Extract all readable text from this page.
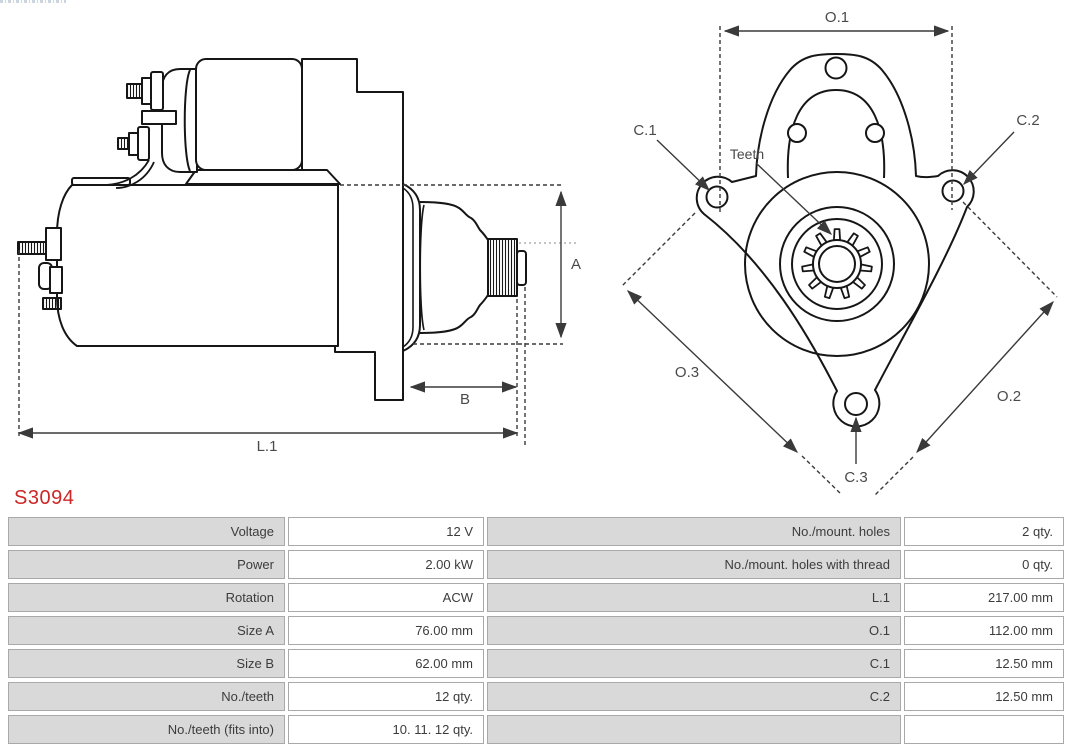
A
B
L.1
O.1
C.1
C.2
Teeth
O.3
O.2
C.3
S3094
Voltage	12 V	No./mount. holes	2 qty.
Power	2.00 kW	No./mount. holes with thread	0 qty.
Rotation	ACW	L.1	217.00 mm
Size A	76.00 mm	O.1	112.00 mm
Size B	62.00 mm	C.1	12.50 mm
No./teeth	12 qty.	C.2	12.50 mm
No./teeth (fits into)	10. 11. 12 qty.
